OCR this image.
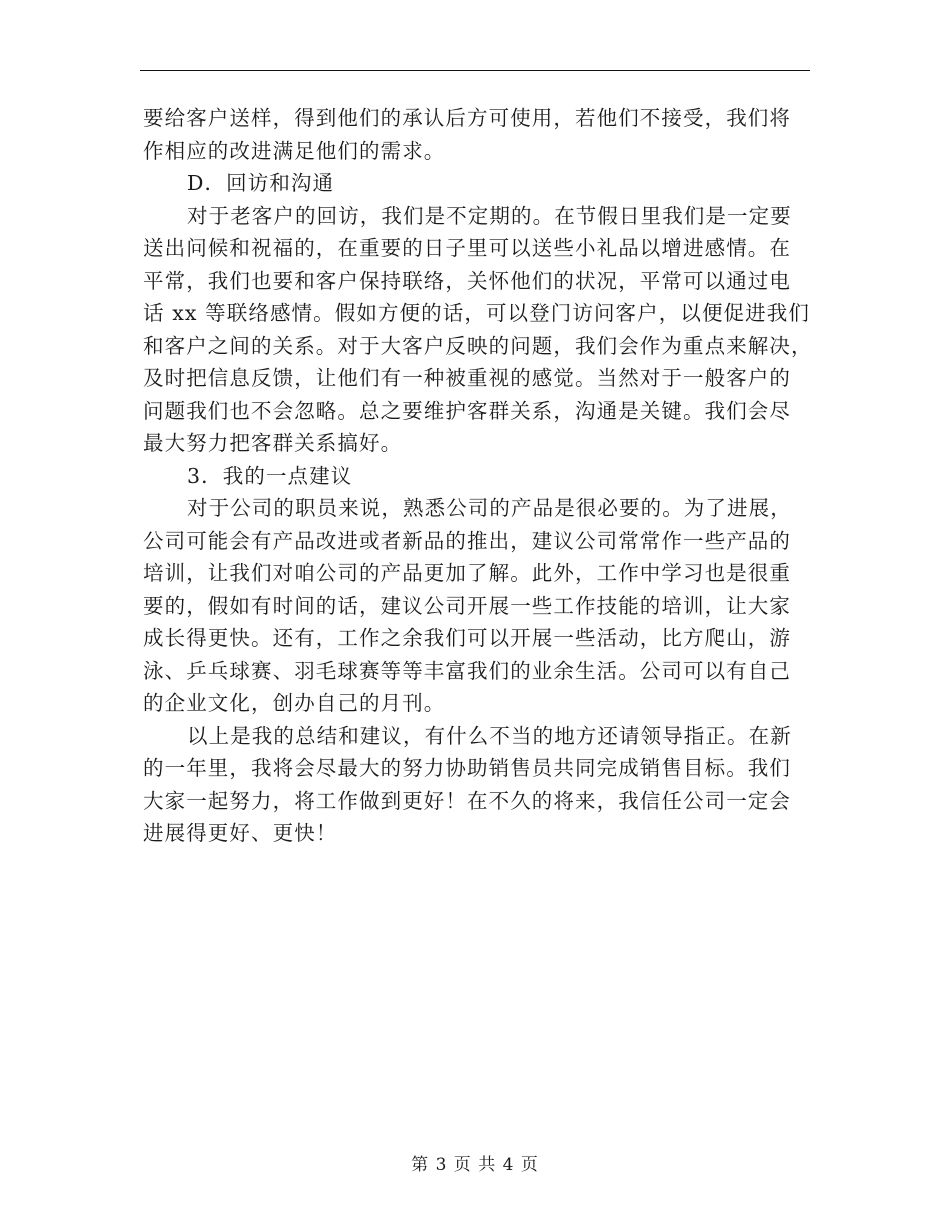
要给客户送样，得到他们的承认后方可使用，若他们不接受，我们将
作相应的改进满足他们的需求。
D．回访和沟通
对于老客户的回访，我们是不定期的。在节假日里我们是一定要
送出问候和祝福的，在重要的日子里可以送些小礼品以增进感情。在
平常，我们也要和客户保持联络，关怀他们的状况，平常可以通过电
话 xx 等联络感情。假如方便的话，可以登门访问客户，以便促进我们
和客户之间的关系。对于大客户反映的问题，我们会作为重点来解决，
及时把信息反馈，让他们有一种被重视的感觉。当然对于一般客户的
问题我们也不会忽略。总之要维护客群关系，沟通是关键。我们会尽
最大努力把客群关系搞好。
3．我的一点建议
对于公司的职员来说，熟悉公司的产品是很必要的。为了进展，
公司可能会有产品改进或者新品的推出，建议公司常常作一些产品的
培训，让我们对咱公司的产品更加了解。此外，工作中学习也是很重
要的，假如有时间的话，建议公司开展一些工作技能的培训，让大家
成长得更快。还有，工作之余我们可以开展一些活动，比方爬山，游
泳、乒乓球赛、羽毛球赛等等丰富我们的业余生活。公司可以有自己
的企业文化，创办自己的月刊。
以上是我的总结和建议，有什么不当的地方还请领导指正。在新
的一年里，我将会尽最大的努力协助销售员共同完成销售目标。我们
大家一起努力，将工作做到更好！在不久的将来，我信任公司一定会
进展得更好、更快！
第 3 页 共 4 页
